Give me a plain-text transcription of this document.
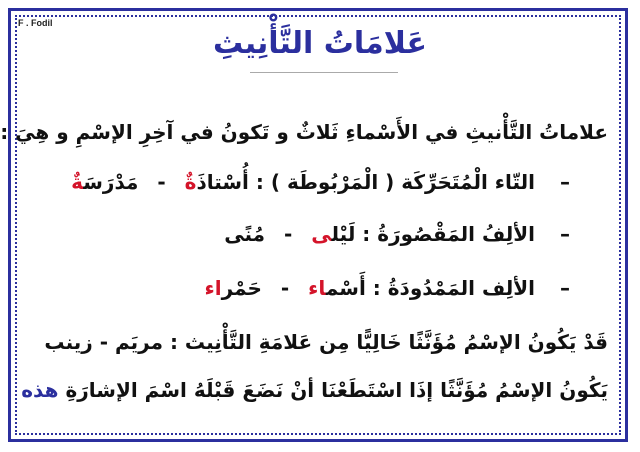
F . Fodil
عَلامَاتُ التَّأْنِيثِ
علاماتُ التَّأْنيثِ في الأَسْماءِ ثَلاثٌ و تَكونُ في آخِرِ الإسْمِ و هِيَ :
– التّاء الْمُتَحَرِّكَة ( الْمَرْبُوطَة ) : أُسْتاذَةٌ - مَدْرَسَةٌ
– الألِفُ المَقْصُورَةُ : لَيْلى - مُنًى
– الألِف المَمْدُودَةُ : أَسْماء - حَمْراء
قَدْ يَكُونُ الإسْمُ مُؤَنَّثًا خَالِيًّا مِن عَلامَةِ التَّأْنِيث : مريَم - زينب
يَكُونُ الإسْمُ مُؤَنَّثًا إذَا اسْتَطَعْنَا أنْ نَضَعَ قَبْلَهُ اسْمَ الإشارَةِ هذه
